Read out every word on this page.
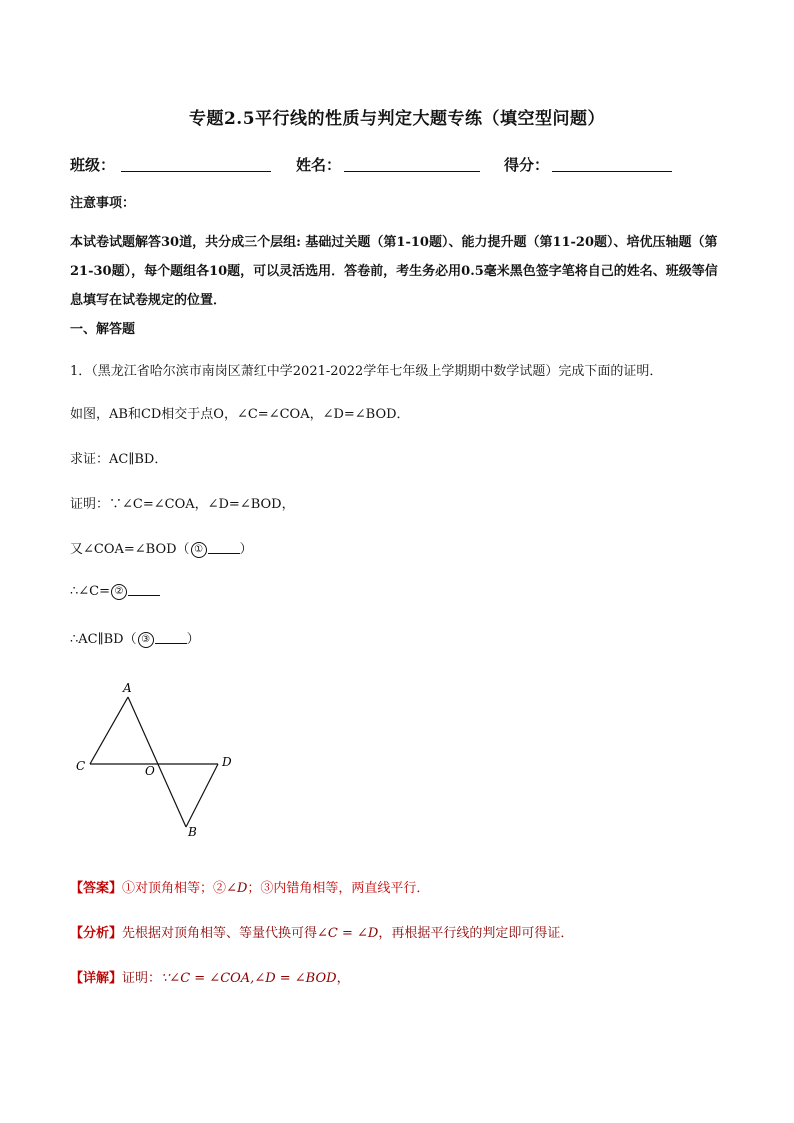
专题2.5平行线的性质与判定大题专练（填空型问题）
班级：	姓名：	得分：
注意事项：
本试卷试题解答30道，共分成三个层组: 基础过关题（第1-10题）、能力提升题（第11-20题）、培优压轴题（第21-30题），每个题组各10题，可以灵活选用．答卷前，考生务必用0.5毫米黑色签字笔将自己的姓名、班级等信息填写在试卷规定的位置．
一、解答题
1．（黑龙江省哈尔滨市南岗区萧红中学2021-2022学年七年级上学期期中数学试题）完成下面的证明．
如图，AB和CD相交于点O，∠C=∠COA，∠D=∠BOD．
求证：AC∥BD．
证明：∵∠C=∠COA，∠D=∠BOD，
又∠COA=∠BOD（ ①	）
∴∠C= ②
∴AC∥BD（ ③	）
A
C	O
D
B
【答案】①对顶角相等；②∠D；③内错角相等，两直线平行．
【分析】先根据对顶角相等、等量代换可得∠C = ∠D，再根据平行线的判定即可得证．
【详解】证明：∵∠C = ∠COA,∠D = ∠BOD，
